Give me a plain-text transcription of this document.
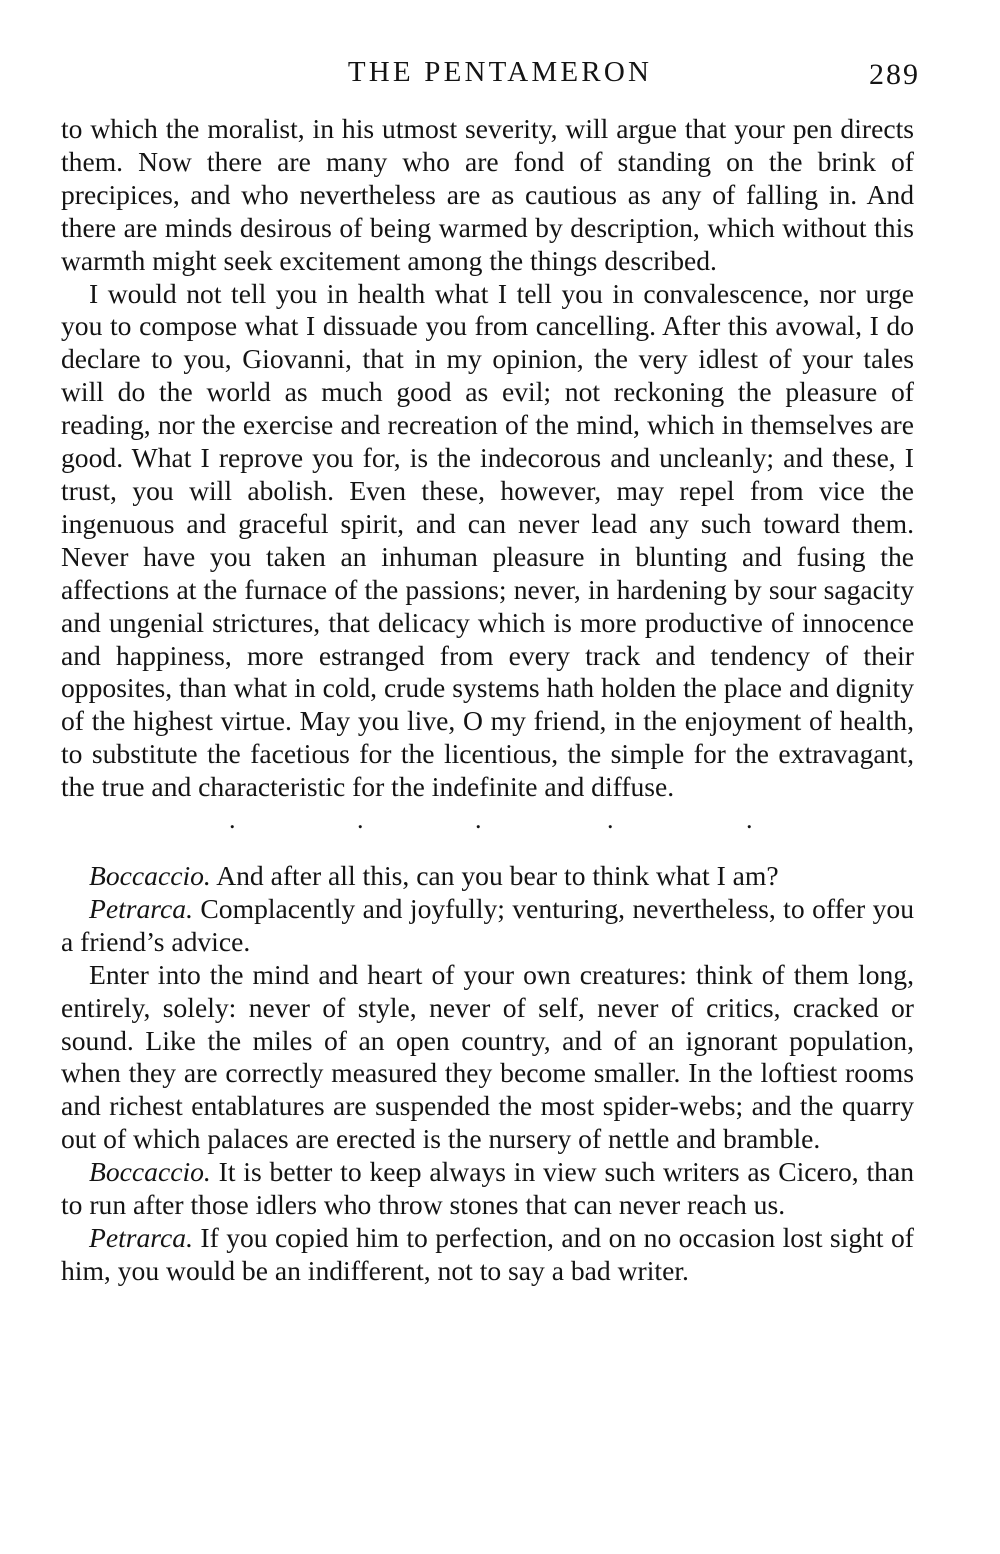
THE PENTAMERON	289

to which the moralist, in his utmost severity, will argue that your pen directs them. Now there are many who are fond of standing on the brink of precipices, and who nevertheless are as cautious as any of falling in. And there are minds desirous of being warmed by description, which without this warmth might seek excitement among the things described.

I would not tell you in health what I tell you in convalescence, nor urge you to compose what I dissuade you from cancelling. After this avowal, I do declare to you, Giovanni, that in my opinion, the very idlest of your tales will do the world as much good as evil; not reckoning the pleasure of reading, nor the exercise and recreation of the mind, which in themselves are good. What I reprove you for, is the indecorous and uncleanly; and these, I trust, you will abolish. Even these, however, may repel from vice the ingenuous and graceful spirit, and can never lead any such toward them. Never have you taken an inhuman pleasure in blunting and fusing the affections at the furnace of the passions; never, in hardening by sour sagacity and ungenial strictures, that delicacy which is more productive of innocence and happiness, more estranged from every track and tendency of their opposites, than what in cold, crude systems hath holden the place and dignity of the highest virtue. May you live, O my friend, in the enjoyment of health, to substitute the facetious for the licentious, the simple for the extravagant, the true and characteristic for the indefinite and diffuse.

.	.	.	.	.

Boccaccio. And after all this, can you bear to think what I am?

Petrarca. Complacently and joyfully; venturing, nevertheless, to offer you a friend’s advice.

Enter into the mind and heart of your own creatures: think of them long, entirely, solely: never of style, never of self, never of critics, cracked or sound. Like the miles of an open country, and of an ignorant population, when they are correctly measured they become smaller. In the loftiest rooms and richest entablatures are suspended the most spider-webs; and the quarry out of which palaces are erected is the nursery of nettle and bramble.

Boccaccio. It is better to keep always in view such writers as Cicero, than to run after those idlers who throw stones that can never reach us.

Petrarca. If you copied him to perfection, and on no occasion lost sight of him, you would be an indifferent, not to say a bad writer.
